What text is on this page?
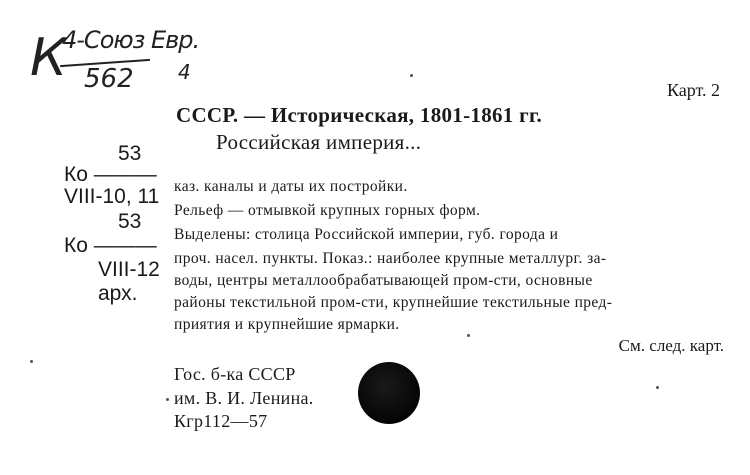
К
4-Союз Евр.
562 4
Карт. 2
СССР. — Историческая, 1801-1861 гг.
Российская империя...
53
Ко ———
VIII-10, 11
53
Ко ———
VIII-12
арх.
каз. каналы и даты их постройки.
Рельеф — отмывкой крупных горных форм.
Выделены: столица Российской империи, губ. города и
проч. насел. пункты. Показ.: наиболее крупные металлург. за-
воды, центры металлообрабатывающей пром-сти, основные
районы текстильной пром-сти, крупнейшие текстильные пред-
приятия и крупнейшие ярмарки.
См. след. карт.
Гос. б-ка СССР
им. В. И. Ленина.
Кгр112—57
